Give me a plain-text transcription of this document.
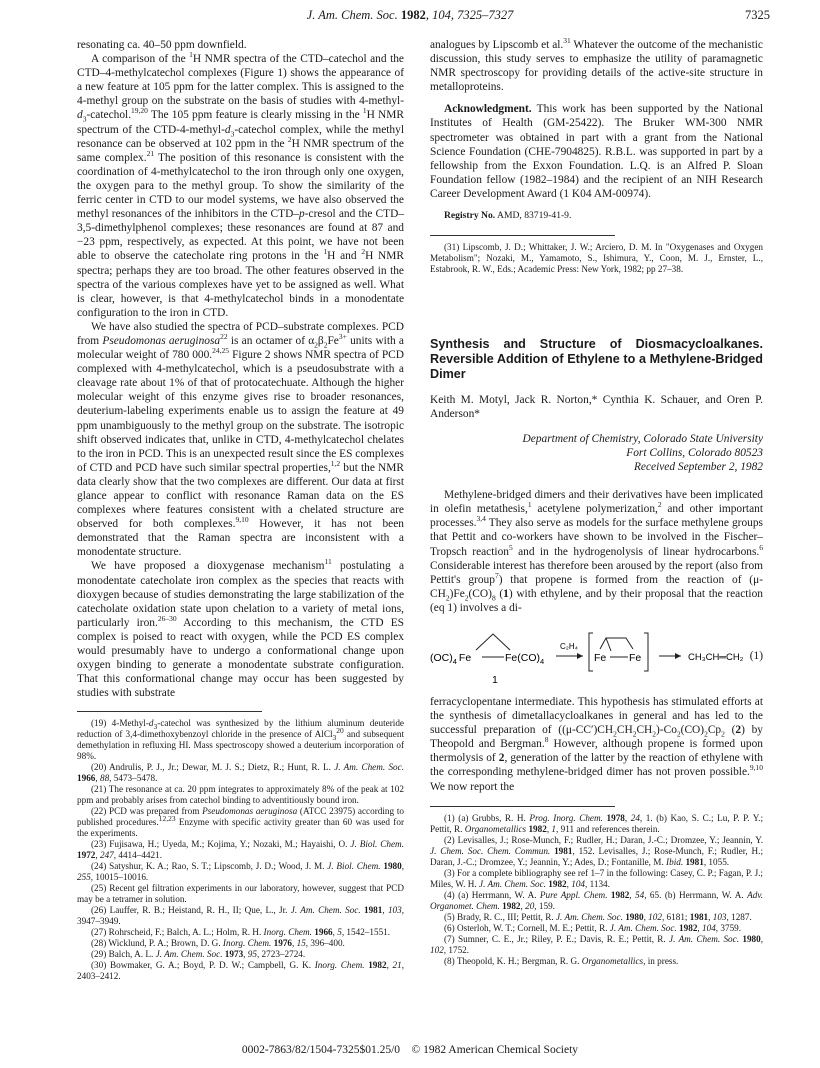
J. Am. Chem. Soc. 1982, 104, 7325–7327	7325

resonating ca. 40–50 ppm downfield.

A comparison of the $^1$H NMR spectra of the CTD–catechol and the CTD–4-methylcatechol complexes (Figure 1) shows the appearance of a new feature at 105 ppm for the latter complex. This is assigned to the 4-methyl group on the substrate on the basis of studies with $4-methyl-d_3-catechol.^{19,20}$ The 105 ppm feature is clearly missing in the $^1$H NMR spectrum of the CTD-$4-methyl-d_3$-catechol complex, while the methyl resonance can be observed at 102 ppm in the $^2$H NMR spectrum of the same complex.$^{21}$ The position of this resonance is consistent with the coordination of 4-methylcatechol to the iron through only one oxygen, the oxygen para to the methyl group. To show the similarity of the ferric center in CTD to our model systems, we have also observed the methyl resonances of the inhibitors in the CTD–p-cresol and the CTD–3,5-dimethylphenol complexes; these resonances are found at 87 and −23 ppm, respectively, as expected. At this point, we have not been able to observe the catecholate ring protons in the $^1$H and $^2$H NMR spectra; perhaps they are too broad. The other features observed in the spectra of the various complexes have yet to be assigned as well. What is clear, however, is that 4-methylcatechol binds in a monodentate configuration to the iron in CTD.

We have also studied the spectra of PCD–substrate complexes. PCD from Pseudomonas aeruginosa$^{22}$ is an octamer of $\alpha_2\beta_2Fe^{3+}$ units with a molecular weight of 780 000.$^{24,25}$ Figure 2 shows NMR spectra of PCD complexed with 4-methylcatechol, which is a pseudosubstrate with a cleavage rate about 1% of that of protocatechuate. Although the higher molecular weight of this enzyme gives rise to broader resonances, deuterium-labeling experiments enable us to assign the feature at 49 ppm unambiguously to the methyl group on the substrate. The isotropic shift observed indicates that, unlike in CTD, 4-methylcatechol chelates to the iron in PCD. This is an unexpected result since the ES complexes of CTD and PCD have such similar spectral properties,$^{1,2}$ but the NMR data clearly show that the two complexes are different. Our data at first glance appear to conflict with resonance Raman data on the ES complexes where features consistent with a chelated structure are observed for both complexes.$^{9,10}$ However, it has not been demonstrated that the Raman spectra are inconsistent with a monodentate structure.

We have proposed a dioxygenase mechanism$^{11}$ postulating a monodentate catecholate iron complex as the species that reacts with dioxygen because of studies demonstrating the large stabilization of the catecholate oxidation state upon chelation to a variety of metal ions, particularly iron.$^{26-30}$ According to this mechanism, the CTD ES complex is poised to react with oxygen, while the PCD ES complex would presumably have to undergo a conformational change upon oxygen binding to generate a monodentate substrate configuration. That this conformational change may occur has been suggested by studies with substrate

(19) $4-Methyl-d_3$-catechol was synthesized by the lithium aluminum deuteride reduction of 3,4-dimethoxybenzoyl chloride in the presence of AlCl$_3^{20}$ and subsequent demethylation in refluxing HI. Mass spectroscopy showed a deuterium incorporation of 98%.

(20) Andrulis, P. J., Jr.; Dewar, M. J. S.; Dietz, R.; Hunt, R. L. J. Am. Chem. Soc. 1966, 88, 5473–5478.

(21) The resonance at ca. 20 ppm integrates to approximately 8% of the peak at 102 ppm and probably arises from catechol binding to adventitiously bound iron.

(22) PCD was prepared from Pseudomonas aeruginosa (ATCC 23975) according to published procedures.$^{12,23}$ Enzyme with specific activity greater than 60 was used for the experiments.

(23) Fujisawa, H.; Uyeda, M.; Kojima, Y.; Nozaki, M.; Hayaishi, O. J. Biol. Chem. 1972, 247, 4414–4421.

(24) Satyshur, K. A.; Rao, S. T.; Lipscomb, J. D.; Wood, J. M. J. Biol. Chem. 1980, 255, 10015–10016.

(25) Recent gel filtration experiments in our laboratory, however, suggest that PCD may be a tetramer in solution.

(26) Lauffer, R. B.; Heistand, R. H., II; Que, L., Jr. J. Am. Chem. Soc. 1981, 103, 3947–3949.

(27) Rohrscheid, F.; Balch, A. L.; Holm, R. H. Inorg. Chem. 1966, 5, 1542–1551.

(28) Wicklund, P. A.; Brown, D. G. Inorg. Chem. 1976, 15, 396–400.

(29) Balch, A. L. J. Am. Chem. Soc. 1973, 95, 2723–2724.

(30) Bowmaker, G. A.; Boyd, P. D. W.; Campbell, G. K. Inorg. Chem. 1982, 21, 2403–2412.

analogues by Lipscomb et al.$^{31}$ Whatever the outcome of the mechanistic discussion, this study serves to emphasize the utility of paramagnetic NMR spectroscopy for providing details of the active-site structure in metalloproteins.

Acknowledgment. This work has been supported by the National Institutes of Health (GM-25422). The Bruker WM-300 NMR spectrometer was obtained in part with a grant from the National Science Foundation (CHE-7904825). R.B.L. was supported in part by a fellowship from the Exxon Foundation. L.Q. is an Alfred P. Sloan Foundation fellow (1982–1984) and the recipient of an NIH Research Career Development Award (1 K04 AM-00974).

Registry No. AMD, 83719-41-9.

(31) Lipscomb, J. D.; Whittaker, J. W.; Arciero, D. M. In "Oxygenases and Oxygen Metabolism"; Nozaki, M., Yamamoto, S., Ishimura, Y., Coon, M. J., Ernster, L., Estabrook, R. W., Eds.; Academic Press: New York, 1982; pp 27–38.

Synthesis and Structure of Diosmacycloalkanes. Reversible Addition of Ethylene to a Methylene-Bridged Dimer
Keith M. Motyl, Jack R. Norton,* Cynthia K. Schauer, and Oren P. Anderson*
Department of Chemistry, Colorado State University
Fort Collins, Colorado 80523
Received September 2, 1982

Methylene-bridged dimers and their derivatives have been implicated in olefin metathesis,$^1$ acetylene polymerization,$^2$ and other important processes.$^{3,4}$ They also serve as models for the surface methylene groups that Pettit and co-workers have shown to be involved in the Fischer–Tropsch reaction$^5$ and in the hydrogenolysis of linear hydrocarbons.$^6$ Considerable interest has therefore been aroused by the report (also from Pettit's group$^7$) that propene is formed from the reaction of $(\mu-CH_2)Fe_2(CO)_8$ (1) with ethylene, and by their proposal that the reaction (eq 1) involves a di-

$(OC)_4$ Fe	$Fe(CO)_4$
1
C₂H₄
Fe Fe	CH₃CH═CH₂ (1)

ferracyclopentane intermediate. This hypothesis has stimulated efforts at the synthesis of dimetallacycloalkanes in general and has led to the successful preparation of $((\mu-CC')CH_2CH_2CH_2)-Co_2(CO)_2Cp_2$ (2) by Theopold and Bergman.$^8$ However, although propene is formed upon thermolysis of 2, generation of the latter by the reaction of ethylene with the corresponding methylene-bridged dimer has not proven possible.$^{9,10}$ We now report the

(1) (a) Grubbs, R. H. Prog. Inorg. Chem. 1978, 24, 1. (b) Kao, S. C.; Lu, P. P. Y.; Pettit, R. Organometallics 1982, 1, 911 and references therein.

(2) Levisalles, J.; Rose-Munch, F.; Rudler, H.; Daran, J.-C.; Dromzee, Y.; Jeannin, Y. J. Chem. Soc. Chem. Commun. 1981, 152. Levisalles, J.; Rose-Munch, F.; Rudler, H.; Daran, J.-C.; Dromzee, Y.; Jeannin, Y.; Ades, D.; Fontanille, M. Ibid. 1981, 1055.

(3) For a complete bibliography see ref 1–7 in the following: Casey, C. P.; Fagan, P. J.; Miles, W. H. J. Am. Chem. Soc. 1982, 104, 1134.

(4) (a) Herrmann, W. A. Pure Appl. Chem. 1982, 54, 65. (b) Herrmann, W. A. Adv. Organomet. Chem. 1982, 20, 159.

(5) Brady, R. C., III; Pettit, R. J. Am. Chem. Soc. 1980, 102, 6181; 1981, 103, 1287.

(6) Osterloh, W. T.; Cornell, M. E.; Pettit, R. J. Am. Chem. Soc. 1982, 104, 3759.

(7) Sumner, C. E., Jr.; Riley, P. E.; Davis, R. E.; Pettit, R. J. Am. Chem. Soc. 1980, 102, 1752.

(8) Theopold, K. H.; Bergman, R. G. Organometallics, in press.

0002-7863/82/1504-7325$01.25/0 © 1982 American Chemical Society
